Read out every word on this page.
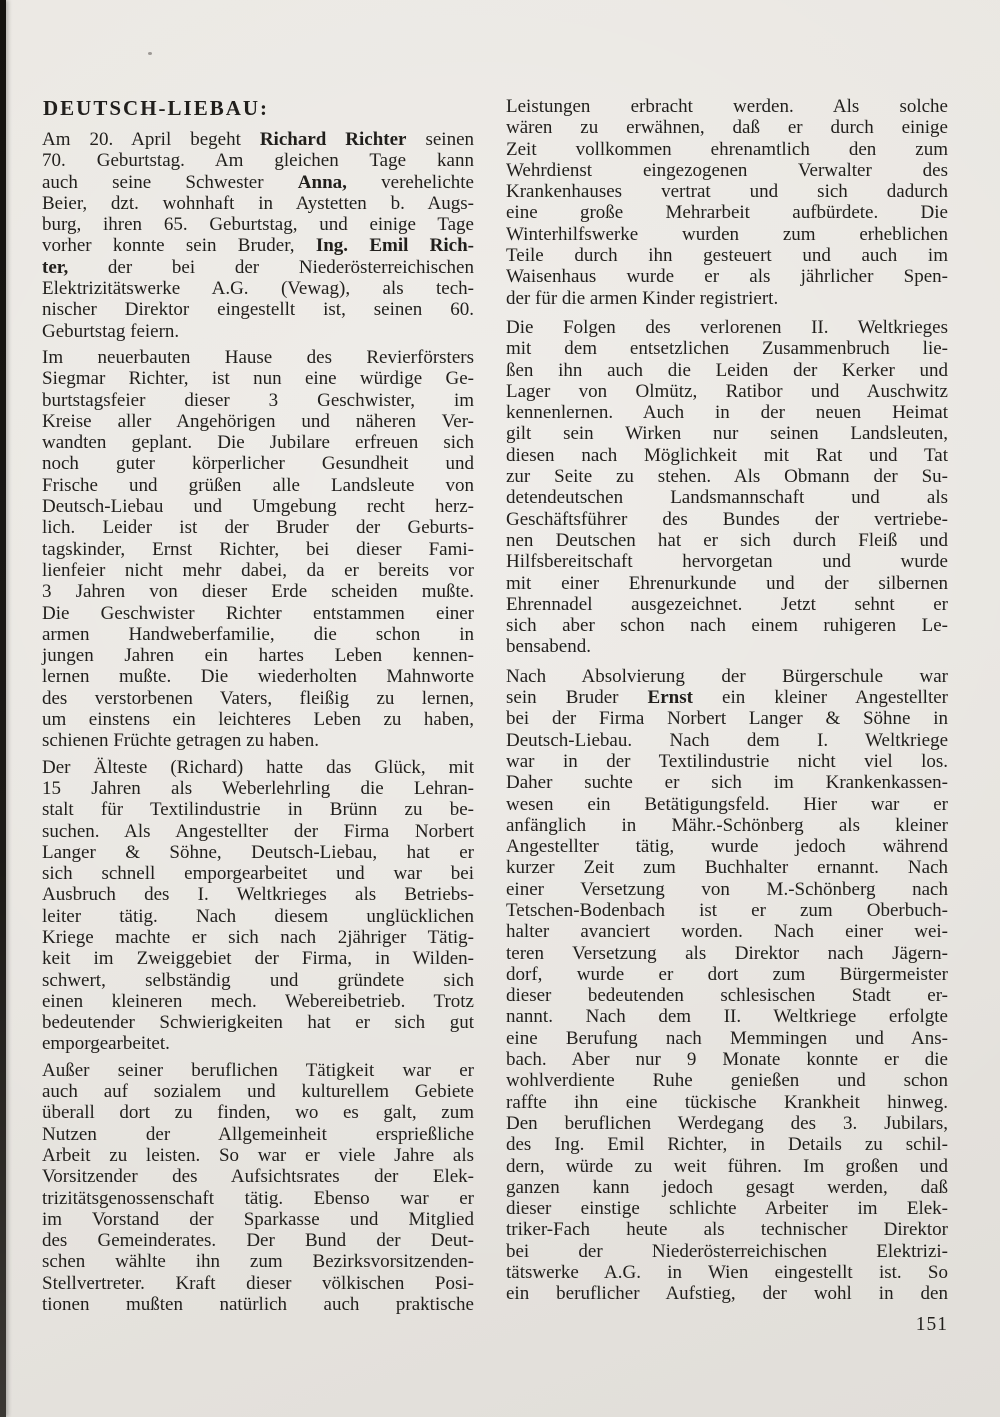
DEUTSCH-LIEBAU:
Am 20. April begeht Richard Richter seinen
70. Geburtstag. Am gleichen Tage kann
auch seine Schwester Anna, verehelichte
Beier, dzt. wohnhaft in Aystetten b. Augs-
burg, ihren 65. Geburtstag, und einige Tage
vorher konnte sein Bruder, Ing. Emil Rich-
ter, der bei der Niederösterreichischen
Elektrizitätswerke A.G. (Vewag), als tech-
nischer Direktor eingestellt ist, seinen 60.
Geburtstag feiern.
Im neuerbauten Hause des Revierförsters
Siegmar Richter, ist nun eine würdige Ge-
burtstagsfeier dieser 3 Geschwister, im
Kreise aller Angehörigen und näheren Ver-
wandten geplant. Die Jubilare erfreuen sich
noch guter körperlicher Gesundheit und
Frische und grüßen alle Landsleute von
Deutsch-Liebau und Umgebung recht herz-
lich. Leider ist der Bruder der Geburts-
tagskinder, Ernst Richter, bei dieser Fami-
lienfeier nicht mehr dabei, da er bereits vor
3 Jahren von dieser Erde scheiden mußte.
Die Geschwister Richter entstammen einer
armen Handweberfamilie, die schon in
jungen Jahren ein hartes Leben kennen-
lernen mußte. Die wiederholten Mahnworte
des verstorbenen Vaters, fleißig zu lernen,
um einstens ein leichteres Leben zu haben,
schienen Früchte getragen zu haben.
Der Älteste (Richard) hatte das Glück, mit
15 Jahren als Weberlehrling die Lehran-
stalt für Textilindustrie in Brünn zu be-
suchen. Als Angestellter der Firma Norbert
Langer & Söhne, Deutsch-Liebau, hat er
sich schnell emporgearbeitet und war bei
Ausbruch des I. Weltkrieges als Betriebs-
leiter tätig. Nach diesem unglücklichen
Kriege machte er sich nach 2jähriger Tätig-
keit im Zweiggebiet der Firma, in Wilden-
schwert, selbständig und gründete sich
einen kleineren mech. Webereibetrieb. Trotz
bedeutender Schwierigkeiten hat er sich gut
emporgearbeitet.
Außer seiner beruflichen Tätigkeit war er
auch auf sozialem und kulturellem Gebiete
überall dort zu finden, wo es galt, zum
Nutzen der Allgemeinheit ersprießliche
Arbeit zu leisten. So war er viele Jahre als
Vorsitzender des Aufsichtsrates der Elek-
trizitätsgenossenschaft tätig. Ebenso war er
im Vorstand der Sparkasse und Mitglied
des Gemeinderates. Der Bund der Deut-
schen wählte ihn zum Bezirksvorsitzenden-
Stellvertreter. Kraft dieser völkischen Posi-
tionen mußten natürlich auch praktische
Leistungen erbracht werden. Als solche
wären zu erwähnen, daß er durch einige
Zeit vollkommen ehrenamtlich den zum
Wehrdienst eingezogenen Verwalter des
Krankenhauses vertrat und sich dadurch
eine große Mehrarbeit aufbürdete. Die
Winterhilfswerke wurden zum erheblichen
Teile durch ihn gesteuert und auch im
Waisenhaus wurde er als jährlicher Spen-
der für die armen Kinder registriert.
Die Folgen des verlorenen II. Weltkrieges
mit dem entsetzlichen Zusammenbruch lie-
ßen ihn auch die Leiden der Kerker und
Lager von Olmütz, Ratibor und Auschwitz
kennenlernen. Auch in der neuen Heimat
gilt sein Wirken nur seinen Landsleuten,
diesen nach Möglichkeit mit Rat und Tat
zur Seite zu stehen. Als Obmann der Su-
detendeutschen Landsmannschaft und als
Geschäftsführer des Bundes der vertriebe-
nen Deutschen hat er sich durch Fleiß und
Hilfsbereitschaft hervorgetan und wurde
mit einer Ehrenurkunde und der silbernen
Ehrennadel ausgezeichnet. Jetzt sehnt er
sich aber schon nach einem ruhigeren Le-
bensabend.
Nach Absolvierung der Bürgerschule war
sein Bruder Ernst ein kleiner Angestellter
bei der Firma Norbert Langer & Söhne in
Deutsch-Liebau. Nach dem I. Weltkriege
war in der Textilindustrie nicht viel los.
Daher suchte er sich im Krankenkassen-
wesen ein Betätigungsfeld. Hier war er
anfänglich in Mähr.-Schönberg als kleiner
Angestellter tätig, wurde jedoch während
kurzer Zeit zum Buchhalter ernannt. Nach
einer Versetzung von M.-Schönberg nach
Tetschen-Bodenbach ist er zum Oberbuch-
halter avanciert worden. Nach einer wei-
teren Versetzung als Direktor nach Jägern-
dorf, wurde er dort zum Bürgermeister
dieser bedeutenden schlesischen Stadt er-
nannt. Nach dem II. Weltkriege erfolgte
eine Berufung nach Memmingen und Ans-
bach. Aber nur 9 Monate konnte er die
wohlverdiente Ruhe genießen und schon
raffte ihn eine tückische Krankheit hinweg.
Den beruflichen Werdegang des 3. Jubilars,
des Ing. Emil Richter, in Details zu schil-
dern, würde zu weit führen. Im großen und
ganzen kann jedoch gesagt werden, daß
dieser einstige schlichte Arbeiter im Elek-
triker-Fach heute als technischer Direktor
bei der Niederösterreichischen Elektrizi-
tätswerke A.G. in Wien eingestellt ist. So
ein beruflicher Aufstieg, der wohl in den
151
